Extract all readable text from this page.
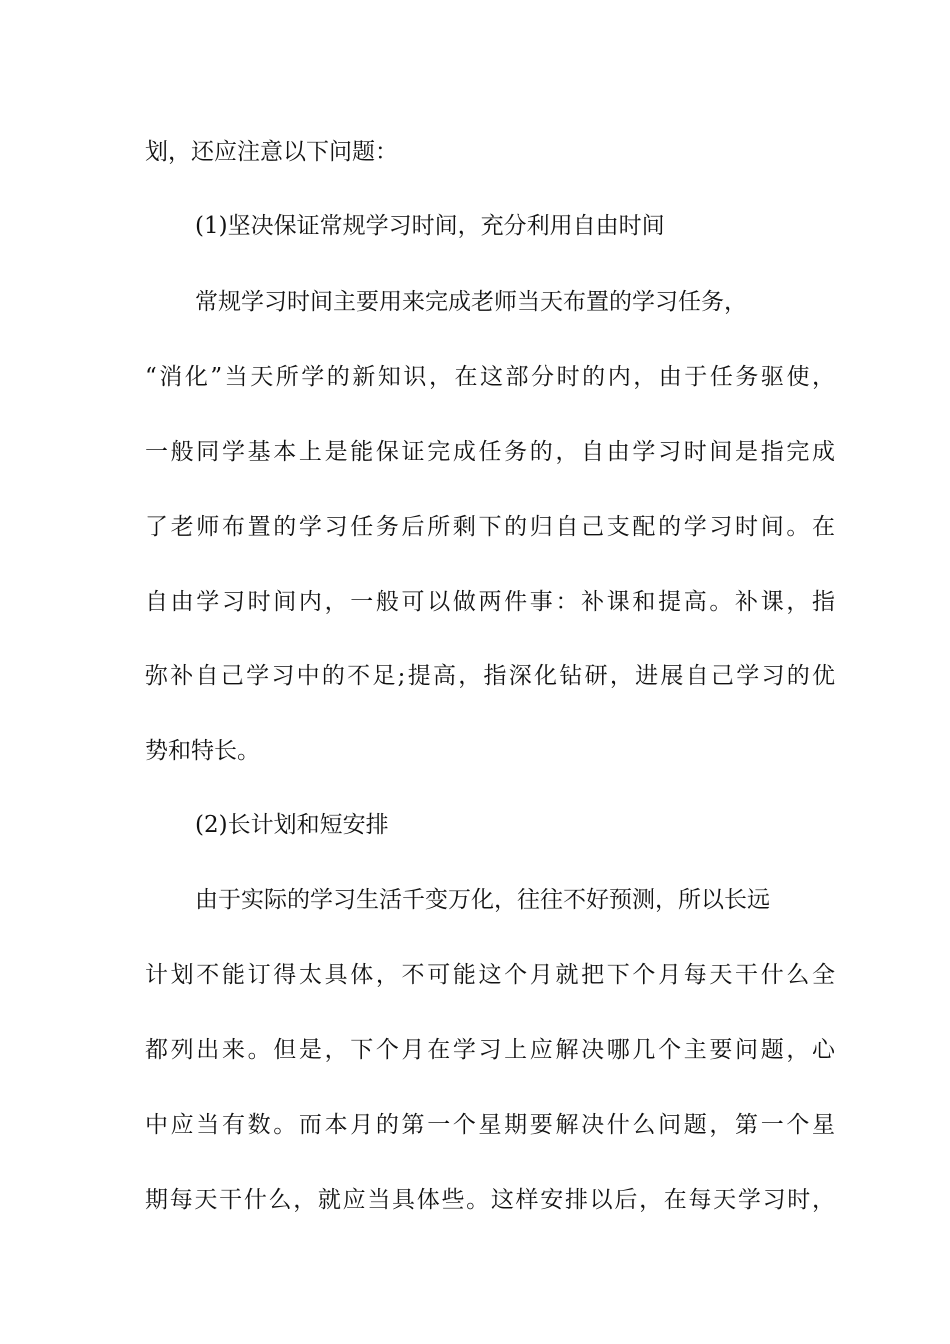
划，还应注意以下问题：
(1)坚决保证常规学习时间，充分利用自由时间
常规学习时间主要用来完成老师当天布置的学习任务，
“消化”当天所学的新知识，在这部分时的内，由于任务驱使，
一般同学基本上是能保证完成任务的，自由学习时间是指完成
了老师布置的学习任务后所剩下的归自己支配的学习时间。在
自由学习时间内，一般可以做两件事：补课和提高。补课，指
弥补自己学习中的不足;提高，指深化钻研，进展自己学习的优
势和特长。
(2)长计划和短安排
由于实际的学习生活千变万化，往往不好预测，所以长远
计划不能订得太具体，不可能这个月就把下个月每天干什么全
都列出来。但是，下个月在学习上应解决哪几个主要问题，心
中应当有数。而本月的第一个星期要解决什么问题，第一个星
期每天干什么，就应当具体些。这样安排以后，在每天学习时，
